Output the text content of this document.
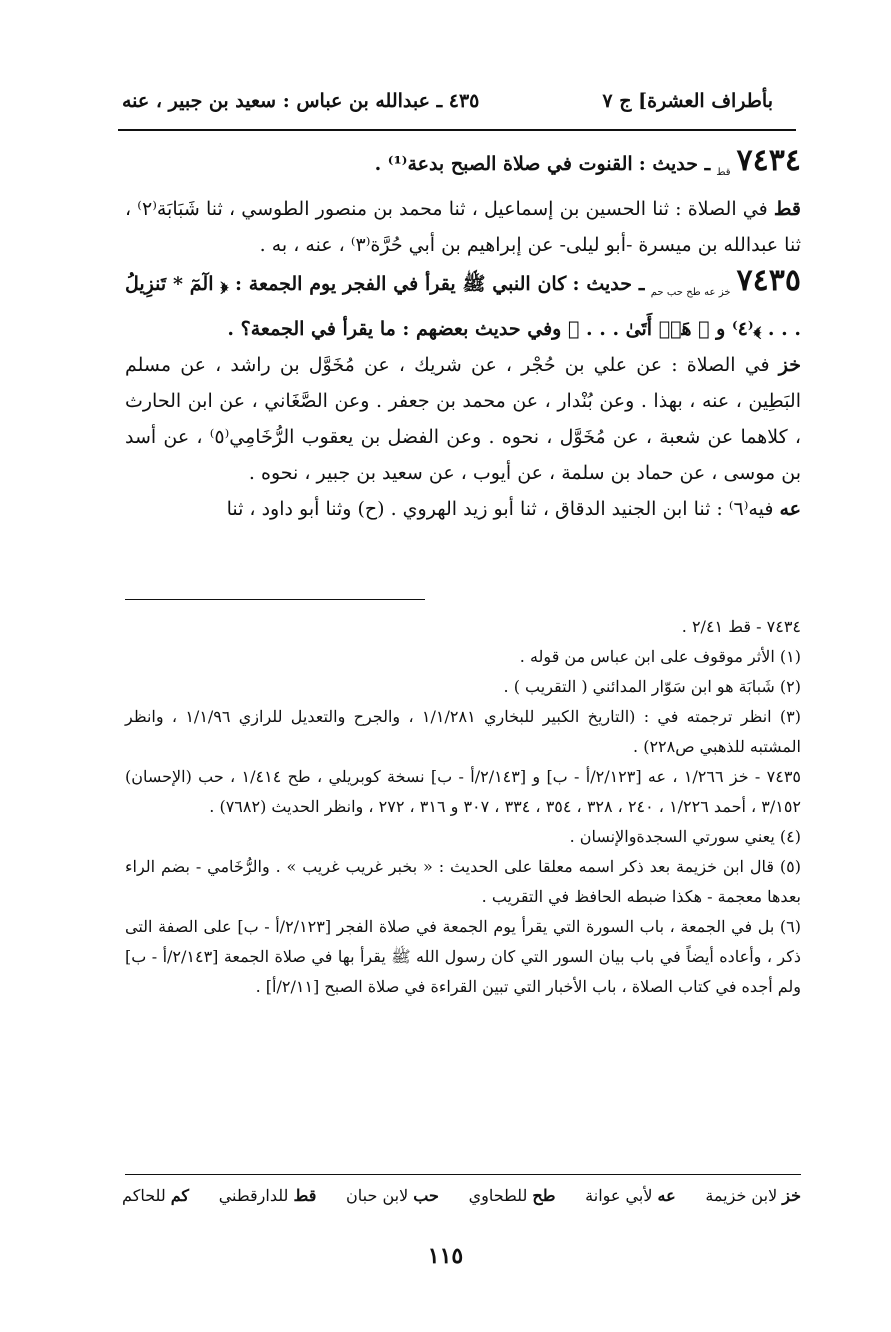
بأطراف العشرة] ج ٧
٤٣٥ ـ عبدالله بن عباس : سعيد بن جبير ، عنه

$٧٤٣٤_{قط}$ ـ حديث : القنوت في صلاة الصبح بدعة⁽¹⁾ .

قط في الصلاة : ثنا الحسين بن إسماعيل ، ثنا محمد بن منصور الطوسي ، ثنا شَبَابَة⁽٢⁾ ، ثنا عبدالله بن ميسرة -أبو ليلى- عن إبراهيم بن أبي حُرَّة⁽٣⁾ ، عنه ، به .

$٧٤٣٥_{خز عه طح حب حم}$ ـ حديث : كان النبي ﷺ يقرأ في الفجر يوم الجمعة : ﴿ الٓمٓ * تَنزِيلُ . . . ﴾⁽٤⁾ و ﴿ هَلۡ أَتَىٰ . . . ﴾ وفي حديث بعضهم : ما يقرأ في الجمعة؟ .

خز في الصلاة : عن علي بن حُجْر ، عن شريك ، عن مُخَوَّل بن راشد ، عن مسلم البَطِين ، عنه ، بهذا . وعن بُنْدار ، عن محمد بن جعفر . وعن الصَّغَاني ، عن ابن الحارث ، كلاهما عن شعبة ، عن مُخَوَّل ، نحوه . وعن الفضل بن يعقوب الرُّخَامِي⁽٥⁾ ، عن أسد بن موسى ، عن حماد بن سلمة ، عن أيوب ، عن سعيد بن جبير ، نحوه .

عه فيه⁽٦⁾ : ثنا ابن الجنيد الدقاق ، ثنا أبو زيد الهروي . (ح) وثنا أبو داود ، ثنا

٧٤٣٤ - قط ٢/٤١ .

(١) الأثر موقوف على ابن عباس من قوله .

(٢) شَبابَة هو ابن سَوّار المدائني ( التقريب ) .

(٣) انظر ترجمته في : (التاريخ الكبير للبخاري ١/١/٢٨١ ، والجرح والتعديل للرازي ١/١/٩٦ ، وانظر المشتبه للذهبي ص٢٢٨) .

٧٤٣٥ - خز ١/٢٦٦ ، عه [٢/١٢٣/أ - ب] و [٢/١٤٣/أ - ب] نسخة كوبريلي ، طح ١/٤١٤ ، حب (الإحسان) ٣/١٥٢ ، أحمد ١/٢٢٦ ، ٢٤٠ ، ٣٢٨ ، ٣٥٤ ، ٣٣٤ ، ٣٠٧ و ٣١٦ ، ٢٧٢ ، وانظر الحديث (٧٦٨٢) .

(٤) يعني سورتي السجدةوالإنسان .

(٥) قال ابن خزيمة بعد ذكر اسمه معلقا على الحديث : « بخبر غريب غريب » . والرُّخَامي - بضم الراء بعدها معجمة - هكذا ضبطه الحافظ في التقريب .

(٦) بل في الجمعة ، باب السورة التي يقرأ يوم الجمعة في صلاة الفجر [٢/١٢٣/أ - ب] على الصفة التى ذكر ، وأعاده أيضاً في باب بيان السور التي كان رسول الله ﷺ يقرأ بها في صلاة الجمعة [٢/١٤٣/أ - ب] ولم أجده في كتاب الصلاة ، باب الأخبار التي تبين القراءة في صلاة الصبح [٢/١١/أ] .

خز لابن خزيمة
عه لأبي عوانة
طح للطحاوي
حب لابن حبان
قط للدارقطني
كم للحاكم
١١٥
